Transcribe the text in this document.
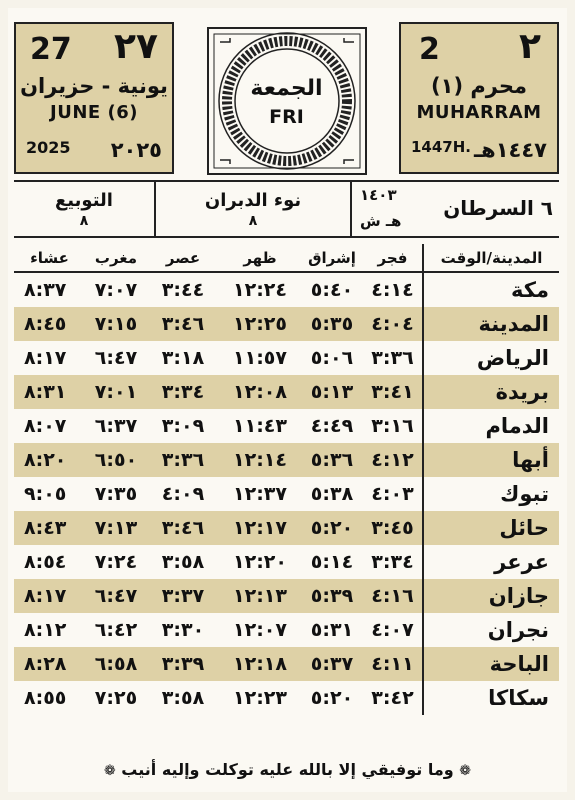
27 ٢٧
يونية - حزيران
JUNE (6)
2025 ٢٠٢٥
الجمعة
FRI
2 ٢
محرم (١)
MUHARRAM
1447H. ١٤٤٧هـ
التوبيع
٨
نوء الدبران
٨
١٤٠٣
هـ ش
٦ السرطان
عشاء	مغرب	عصر	ظهر	إشراق	فجر	المدينة/الوقت
٨:٣٧	٧:٠٧	٣:٤٤	١٢:٢٤	٥:٤٠	٤:١٤	مكة
٨:٤٥	٧:١٥	٣:٤٦	١٢:٢٥	٥:٣٥	٤:٠٤	المدينة
٨:١٧	٦:٤٧	٣:١٨	١١:٥٧	٥:٠٦	٣:٣٦	الرياض
٨:٣١	٧:٠١	٣:٣٤	١٢:٠٨	٥:١٣	٣:٤١	بريدة
٨:٠٧	٦:٣٧	٣:٠٩	١١:٤٣	٤:٤٩	٣:١٦	الدمام
٨:٢٠	٦:٥٠	٣:٣٦	١٢:١٤	٥:٣٦	٤:١٢	أبها
٩:٠٥	٧:٣٥	٤:٠٩	١٢:٣٧	٥:٣٨	٤:٠٣	تبوك
٨:٤٣	٧:١٣	٣:٤٦	١٢:١٧	٥:٢٠	٣:٤٥	حائل
٨:٥٤	٧:٢٤	٣:٥٨	١٢:٢٠	٥:١٤	٣:٣٤	عرعر
٨:١٧	٦:٤٧	٣:٣٧	١٢:١٣	٥:٣٩	٤:١٦	جازان
٨:١٢	٦:٤٢	٣:٣٠	١٢:٠٧	٥:٣١	٤:٠٧	نجران
٨:٢٨	٦:٥٨	٣:٣٩	١٢:١٨	٥:٣٧	٤:١١	الباحة
٨:٥٥	٧:٢٥	٣:٥٨	١٢:٢٣	٥:٢٠	٣:٤٢	سكاكا
❁ وما توفيقي إلا بالله عليه توكلت وإليه أنيب ❁
